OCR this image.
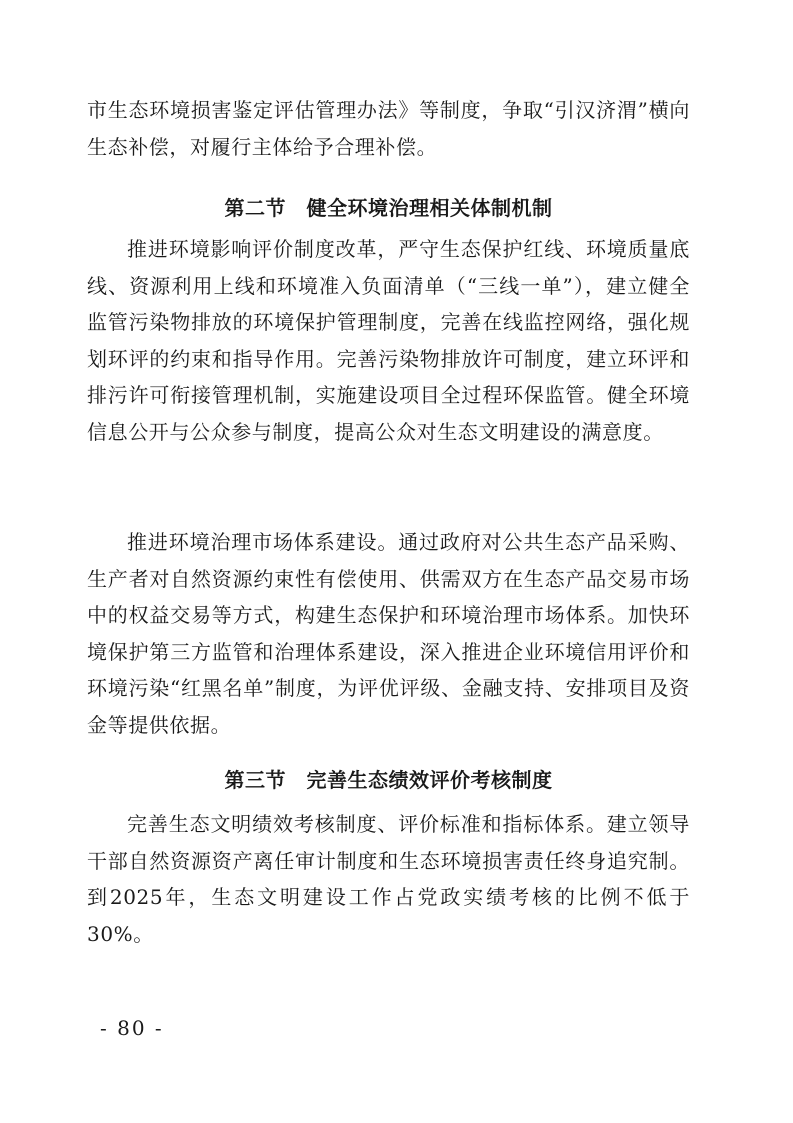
市生态环境损害鉴定评估管理办法》等制度，争取“引汉济渭”横向生态补偿，对履行主体给予合理补偿。

第二节　健全环境治理相关体制机制

推进环境影响评价制度改革，严守生态保护红线、环境质量底线、资源利用上线和环境准入负面清单（“三线一单”），建立健全监管污染物排放的环境保护管理制度，完善在线监控网络，强化规划环评的约束和指导作用。完善污染物排放许可制度，建立环评和排污许可衔接管理机制，实施建设项目全过程环保监管。健全环境信息公开与公众参与制度，提高公众对生态文明建设的满意度。

推进环境治理市场体系建设。通过政府对公共生态产品采购、生产者对自然资源约束性有偿使用、供需双方在生态产品交易市场中的权益交易等方式，构建生态保护和环境治理市场体系。加快环境保护第三方监管和治理体系建设，深入推进企业环境信用评价和环境污染“红黑名单”制度，为评优评级、金融支持、安排项目及资金等提供依据。

第三节　完善生态绩效评价考核制度

完善生态文明绩效考核制度、评价标准和指标体系。建立领导干部自然资源资产离任审计制度和生态环境损害责任终身追究制。到2025年，生态文明建设工作占党政实绩考核的比例不低于30%。

- 80 -
